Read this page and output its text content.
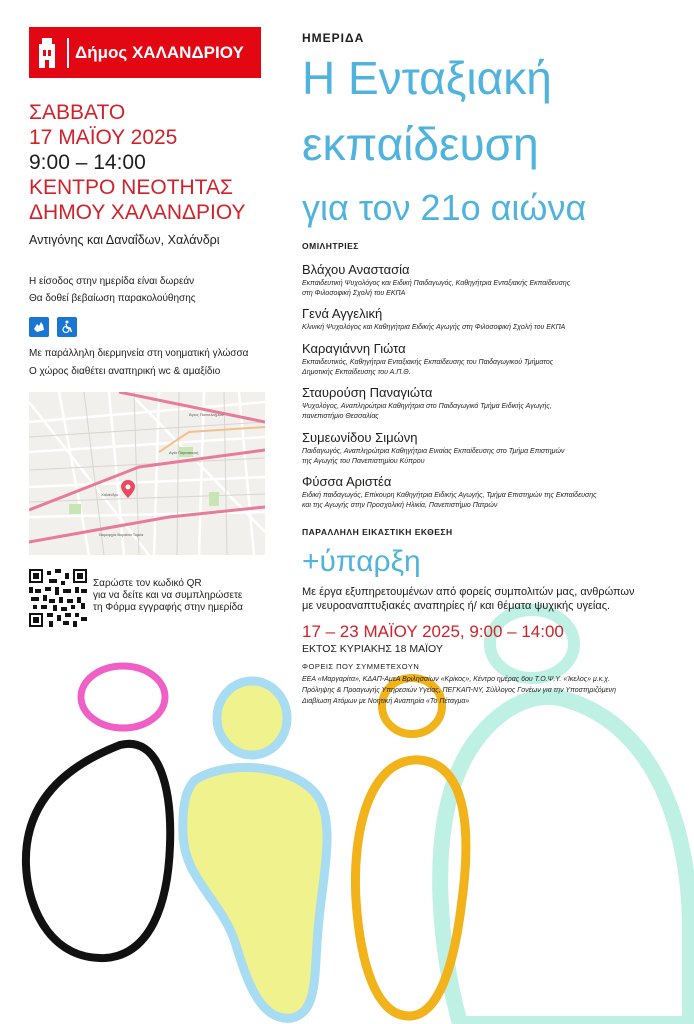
Δήμος ΧΑΛΑΝΔΡΙΟΥ
ΣΑΒΒΑΤΟ
17 ΜΑΪΟΥ 2025
9:00 – 14:00
ΚΕΝΤΡΟ ΝΕΟΤΗΤΑΣ
ΔΗΜΟΥ ΧΑΛΑΝΔΡΙΟΥ
Αντιγόνης και Δαναΐδων, Χαλάνδρι
Η είσοδος στην ημερίδα είναι δωρεάν
Θα δοθεί βεβαίωση παρακολούθησης
Με παράλληλη διερμηνεία στη νοηματική γλώσσα
Ο χώρος διαθέτει αναπηρική wc & αμαξίδιο
Αγία Παρασκευή
Χαλάνδρι
Άγιος Παντελεήμων
Νομαρχία Βορείου Τομέα
Σαρώστε τον κωδικό QR
για να δείτε και να συμπληρώσετε
τη Φόρμα εγγραφής στην ημερίδα
ΗΜΕΡΙΔΑ
Η Ενταξιακή
εκπαίδευση
για τον 21ο αιώνα
ΟΜΙΛΗΤΡΙΕΣ
Βλάχου Αναστασία
Εκπαιδευτική Ψυχολόγος και Ειδική Παιδαγωγός, Καθηγήτρια Ενταξιακής Εκπαίδευσης
στη Φιλοσοφική Σχολή του ΕΚΠΑ
Γενά Αγγελική
Κλινική Ψυχολόγος και Καθηγήτρια Ειδικής Αγωγής στη Φιλοσοφική Σχολή του ΕΚΠΑ
Καραγιάννη Γιώτα
Εκπαιδευτικός, Καθηγήτρια Ενταξιακής Εκπαίδευσης του Παιδαγωγικού Τμήματος
Δημοτικής Εκπαίδευσης του Α.Π.Θ.
Σταυρούση Παναγιώτα
Ψυχολόγος, Αναπληρώτρια Καθηγήτρια στο Παιδαγωγικό Τμήμα Ειδικής Αγωγής,
πανεπιστήμιο Θεσσαλίας
Συμεωνίδου Σιμώνη
Παιδαγωγός, Αναπληρώτρια Καθηγήτρια Ενιαίας Εκπαίδευσης στο Τμήμα Επιστημών
της Αγωγής του Πανεπιστημίου Κύπρου
Φύσσα Αριστέα
Ειδική παιδαγωγός, Επίκουρη Καθηγήτρια Ειδικής Αγωγής, Τμήμα Επιστημών της Εκπαίδευσης
και της Αγωγής στην Προσχολική Ηλικία, Πανεπιστήμιο Πατρών
ΠΑΡΑΛΛΗΛΗ ΕΙΚΑΣΤΙΚΗ ΕΚΘΕΣΗ
+ύπαρξη
Με έργα εξυπηρετουμένων από φορείς συμπολιτών μας, ανθρώπων
με νευροαναπτυξιακές αναπηρίες ή/ και θέματα ψυχικής υγείας.
17 – 23 ΜΑΪΟΥ 2025, 9:00 – 14:00
ΕΚΤΟΣ ΚΥΡΙΑΚΗΣ 18 ΜΑΪΟΥ
ΦΟΡΕΙΣ ΠΟΥ ΣΥΜΜΕΤΕΧΟΥΝ
ΕΕΑ «Μαργαρίτα», ΚΔΑΠ-ΑμεΑ Βριλησσίων «Κρίκος», Κέντρο ημέρας 6ου Τ.Ο.Ψ.Υ. «Ίκελος» μ.κ.χ.
Πρόληψης & Προαγωγής Υπηρεσιών Υγείας, ΠΕΓΚΑΠ-ΝΥ, Σύλλογος Γονέων για την Υποστηριζόμενη
Διαβίωση Ατόμων με Νοητική Αναπηρία «Το Πέταγμα»
